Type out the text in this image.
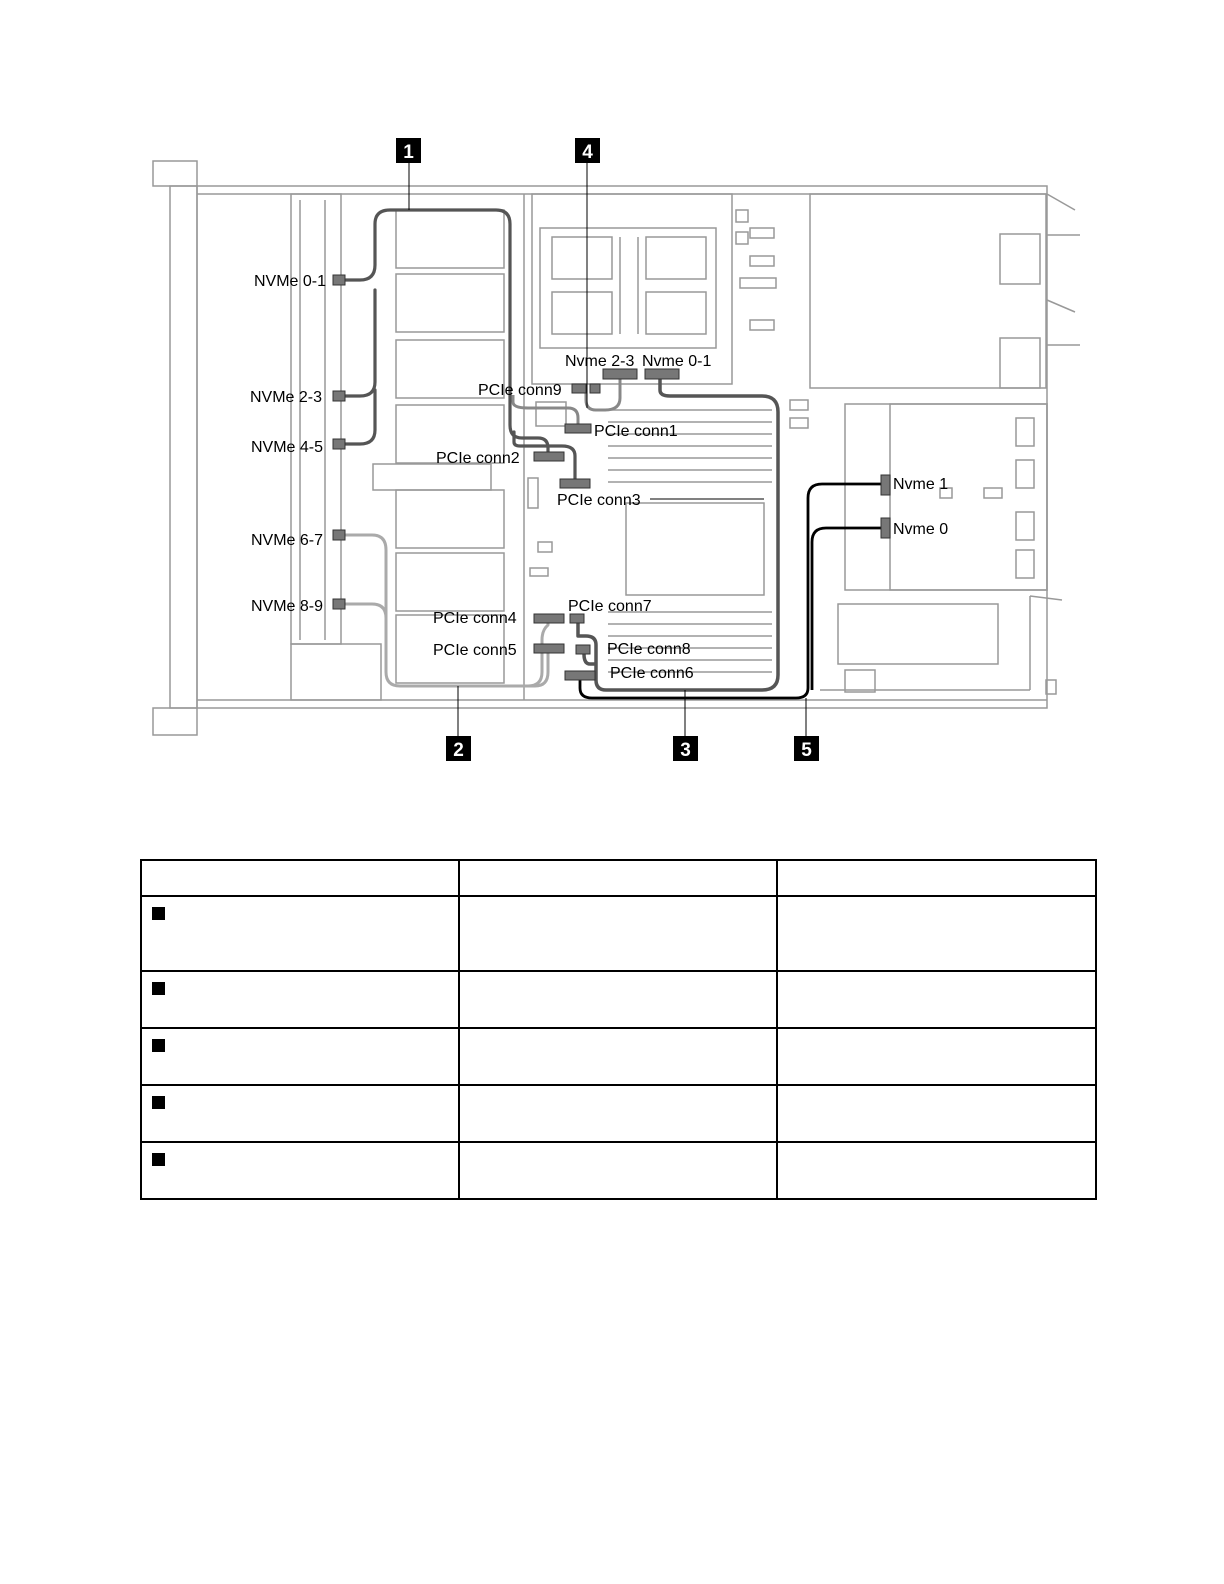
1	4
2	3	5
NVMe 0-1
NVMe 2-3
NVMe 4-5
NVMe 6-7
NVMe 8-9
Nvme 2-3 Nvme 0-1
PCIe conn9
PCIe conn1
PCIe conn2
PCIe conn3
PCIe conn4
PCIe conn5
PCIe conn7
PCIe conn8
PCIe conn6
Nvme 1
Nvme 0
